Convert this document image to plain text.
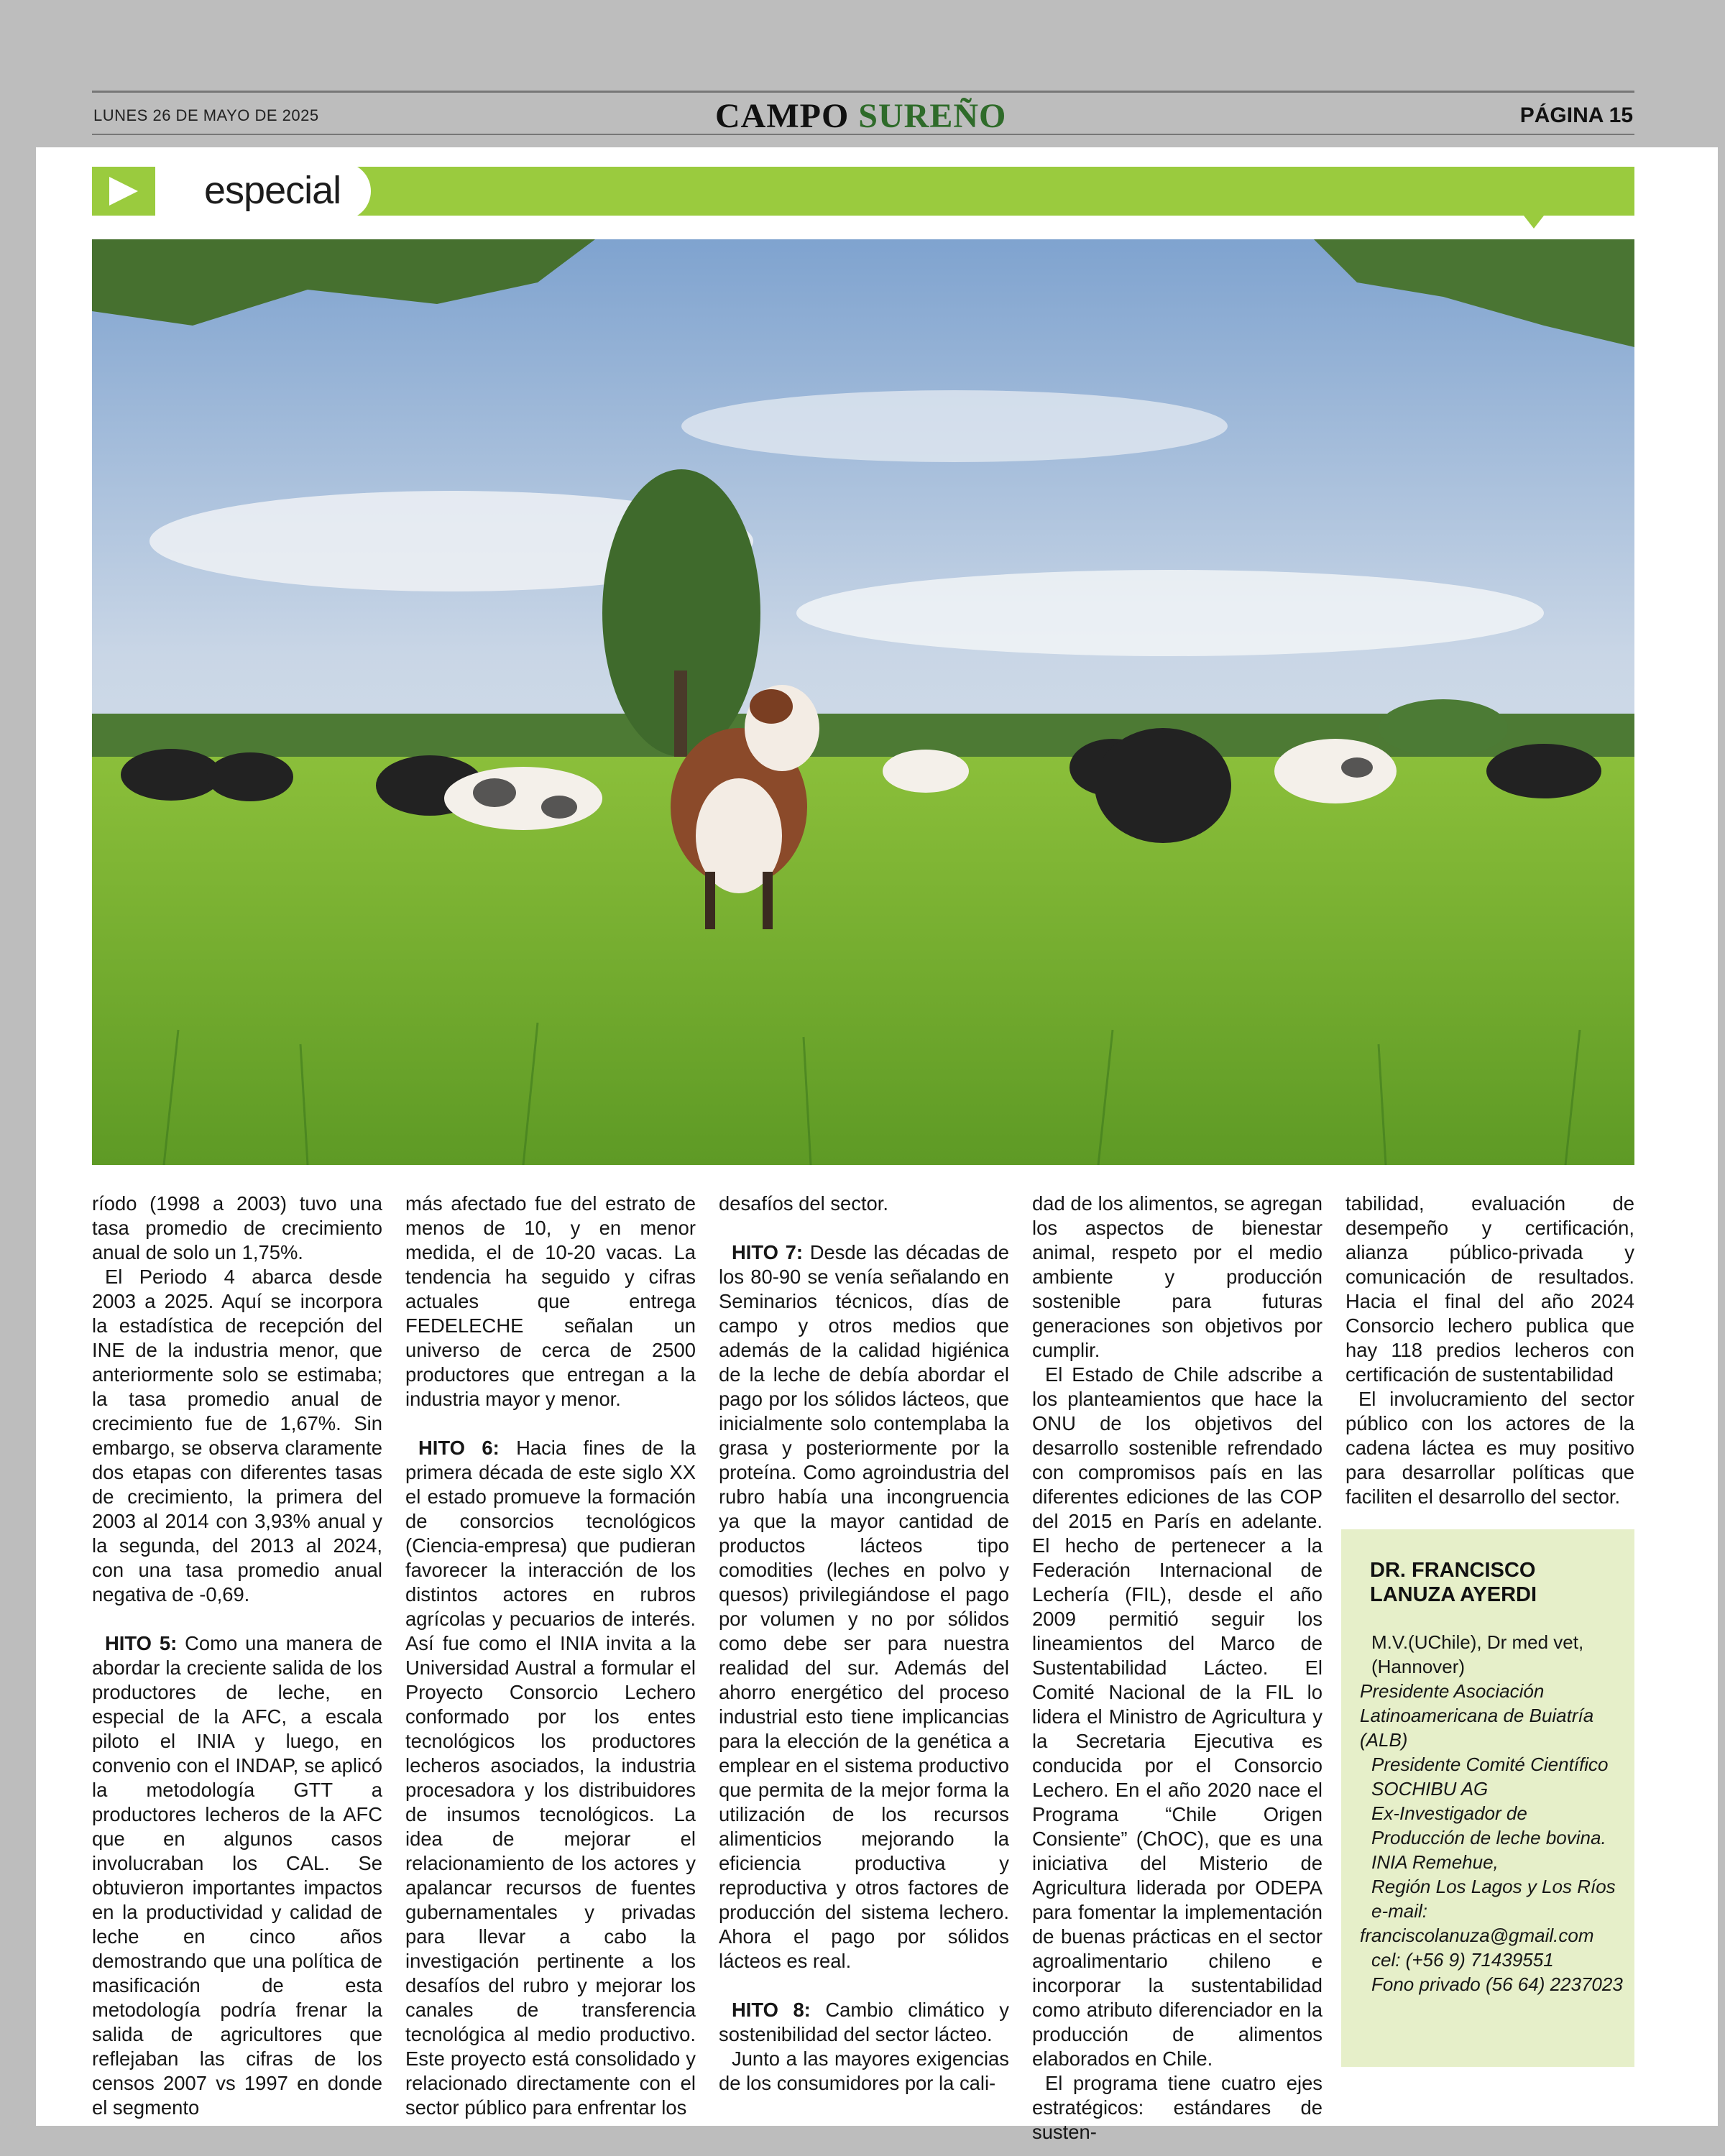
LUNES 26 DE MAYO DE 2025	CAMPO SUREÑO	PÁGINA 15
especial

ríodo (1998 a 2003) tuvo una tasa promedio de crecimiento anual de solo un 1,75%.

El Periodo 4 abarca desde 2003 a 2025. Aquí se incorpora la estadística de recepción del INE de la industria menor, que anteriormente solo se estimaba; la tasa promedio anual de crecimiento fue de 1,67%. Sin embargo, se observa claramente dos etapas con diferentes tasas de crecimiento, la primera del 2003 al 2014 con 3,93% anual y la segunda, del 2013 al 2024, con una tasa promedio anual negativa de -0,69.

HITO 5: Como una manera de abordar la creciente salida de los productores de leche, en especial de la AFC, a escala piloto el INIA y luego, en convenio con el INDAP, se aplicó la metodología GTT a productores lecheros de la AFC que en algunos casos involucraban los CAL. Se obtuvieron importantes impactos en la productividad y calidad de leche en cinco años demostrando que una política de masificación de esta metodología podría frenar la salida de agricultores que reflejaban las cifras de los censos 2007 vs 1997 en donde el segmento

más afectado fue del estrato de menos de 10, y en menor medida, el de 10-20 vacas. La tendencia ha seguido y cifras actuales que entrega FEDELECHE señalan un universo de cerca de 2500 productores que entregan a la industria mayor y menor.

HITO 6: Hacia fines de la primera década de este siglo XX el estado promueve la formación de consorcios tecnológicos (Ciencia-empresa) que pudieran favorecer la interacción de los distintos actores en rubros agrícolas y pecuarios de interés. Así fue como el INIA invita a la Universidad Austral a formular el Proyecto Consorcio Lechero conformado por los entes tecnológicos los productores lecheros asociados, la industria procesadora y los distribuidores de insumos tecnológicos. La idea de mejorar el relacionamiento de los actores y apalancar recursos de fuentes gubernamentales y privadas para llevar a cabo la investigación pertinente a los desafíos del rubro y mejorar los canales de transferencia tecnológica al medio productivo. Este proyecto está consolidado y relacionado directamente con el sector público para enfrentar los

desafíos del sector.

HITO 7: Desde las décadas de los 80-90 se venía señalando en Seminarios técnicos, días de campo y otros medios que además de la calidad higiénica de la leche de debía abordar el pago por los sólidos lácteos, que inicialmente solo contemplaba la grasa y posteriormente por la proteína. Como agroindustria del rubro había una incongruencia ya que la mayor cantidad de productos lácteos tipo comodities (leches en polvo y quesos) privilegiándose el pago por volumen y no por sólidos como debe ser para nuestra realidad del sur. Además del ahorro energético del proceso industrial esto tiene implicancias para la elección de la genética a emplear en el sistema productivo que permita de la mejor forma la utilización de los recursos alimenticios mejorando la eficiencia productiva y reproductiva y otros factores de producción del sistema lechero. Ahora el pago por sólidos lácteos es real.

HITO 8: Cambio climático y sostenibilidad del sector lácteo.

Junto a las mayores exigencias de los consumidores por la cali-

dad de los alimentos, se agregan los aspectos de bienestar animal, respeto por el medio ambiente y producción sostenible para futuras generaciones son objetivos por cumplir.

El Estado de Chile adscribe a los planteamientos que hace la ONU de los objetivos del desarrollo sostenible refrendado con compromisos país en las diferentes ediciones de las COP del 2015 en París en adelante. El hecho de pertenecer a la Federación Internacional de Lechería (FIL), desde el año 2009 permitió seguir los lineamientos del Marco de Sustentabilidad Lácteo. El Comité Nacional de la FIL lo lidera el Ministro de Agricultura y la Secretaria Ejecutiva es conducida por el Consorcio Lechero. En el año 2020 nace el Programa “Chile Origen Consiente” (ChOC), que es una iniciativa del Misterio de Agricultura liderada por ODEPA para fomentar la implementación de buenas prácticas en el sector agroalimentario chileno e incorporar la sustentabilidad como atributo diferenciador en la producción de alimentos elaborados en Chile.

El programa tiene cuatro ejes estratégicos: estándares de susten-

tabilidad, evaluación de desempeño y certificación, alianza público-privada y comunicación de resultados. Hacia el final del año 2024 Consorcio lechero publica que hay 118 predios lecheros con certificación de sustentabilidad

El involucramiento del sector público con los actores de la cadena láctea es muy positivo para desarrollar políticas que faciliten el desarrollo del sector.

DR. FRANCISCO
LANUZA AYERDI
M.V.(UChile), Dr med vet,
(Hannover)
Presidente Asociación Latinoamericana de Buiatría (ALB)
Presidente Comité Científico SOCHIBU AG
Ex-Investigador de Producción de leche bovina.
INIA Remehue,
Región Los Lagos y Los Ríos
e-mail:
franciscolanuza@gmail.com
cel: (+56 9) 71439551
Fono privado (56 64) 2237023
